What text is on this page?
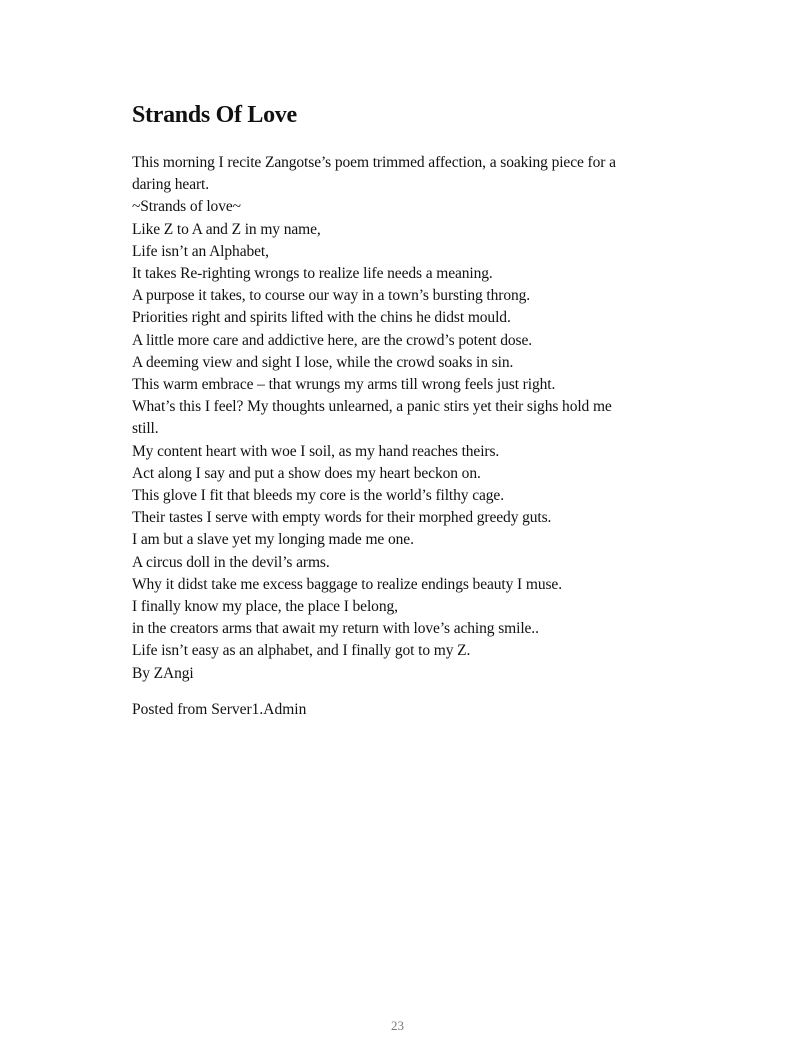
Strands Of Love
This morning I recite Zangotse’s poem trimmed affection, a soaking piece for a
daring heart.
~Strands of love~
Like Z to A and Z in my name,
Life isn’t an Alphabet,
It takes Re-righting wrongs to realize life needs a meaning.
A purpose it takes, to course our way in a town’s bursting throng.
Priorities right and spirits lifted with the chins he didst mould.
A little more care and addictive here, are the crowd’s potent dose.
A deeming view and sight I lose, while the crowd soaks in sin.
This warm embrace – that wrungs my arms till wrong feels just right.
What’s this I feel? My thoughts unlearned, a panic stirs yet their sighs hold me
still.
My content heart with woe I soil, as my hand reaches theirs.
Act along I say and put a show does my heart beckon on.
This glove I fit that bleeds my core is the world’s filthy cage.
Their tastes I serve with empty words for their morphed greedy guts.
I am but a slave yet my longing made me one.
A circus doll in the devil’s arms.
Why it didst take me excess baggage to realize endings beauty I muse.
I finally know my place, the place I belong,
in the creators arms that await my return with love’s aching smile..
Life isn’t easy as an alphabet, and I finally got to my Z.
By ZAngi
Posted from Server1.Admin
23
